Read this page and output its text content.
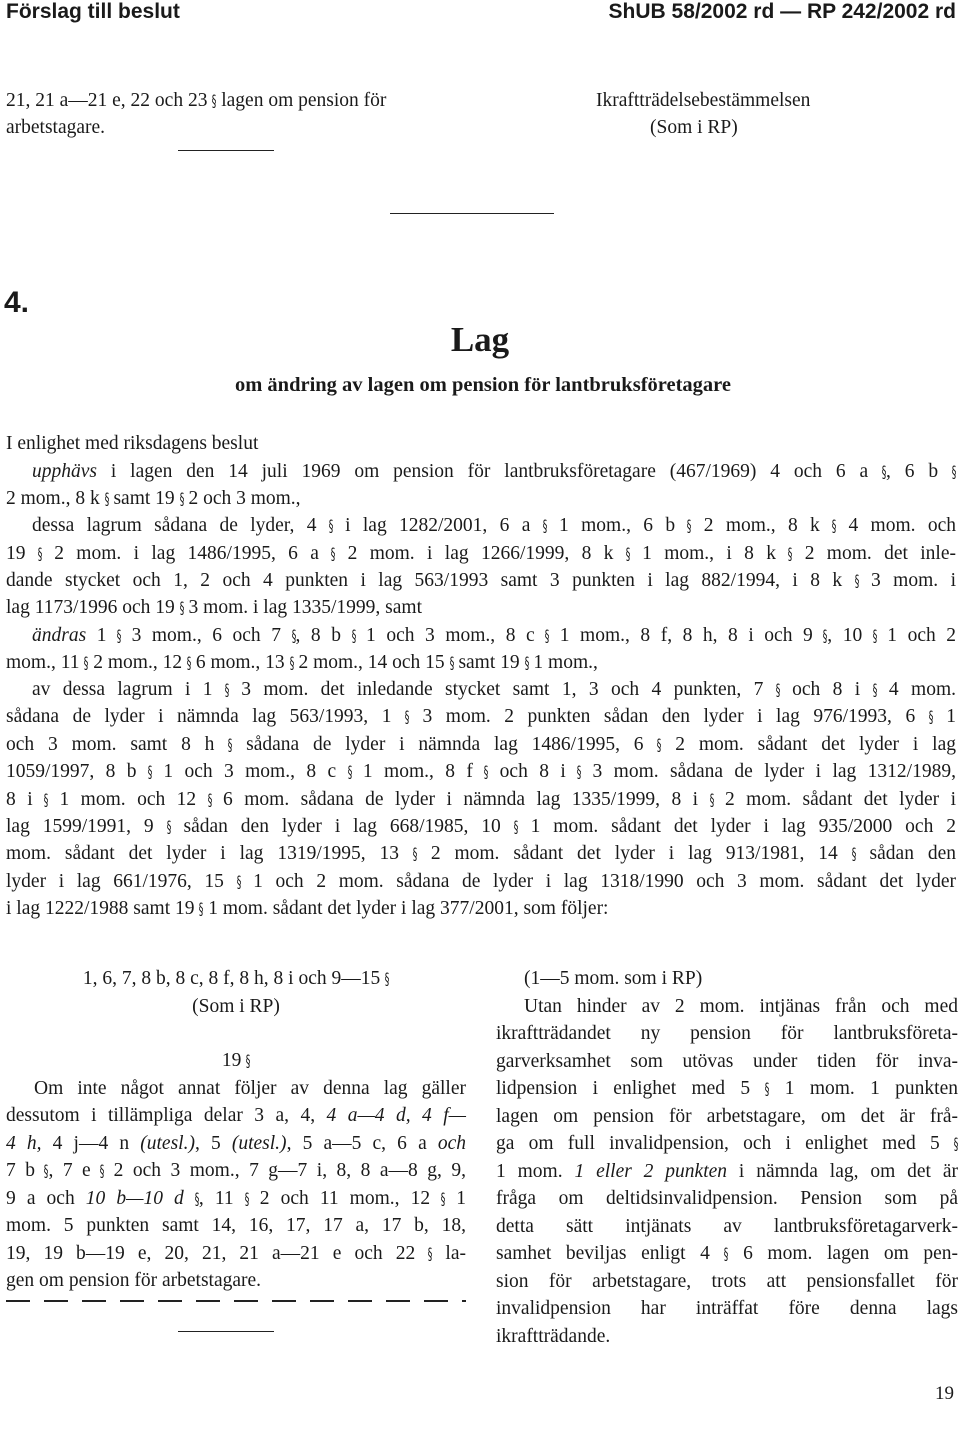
Förslag till beslut	ShUB 58/2002 rd — RP 242/2002 rd
21, 21 a—21 e, 22 och 23 § lagen om pension för
arbetstagare.
Ikraftträdelsebestämmelsen
(Som i RP)
4.
Lag
om ändring av lagen om pension för lantbruksföretagare
I enlighet med riksdagens beslut
upphävs i lagen den 14 juli 1969 om pension för lantbruksföretagare (467/1969) 4 och 6 a §, 6 b §
2 mom., 8 k § samt 19 § 2 och 3 mom.,
dessa lagrum sådana de lyder, 4 § i lag 1282/2001, 6 a § 1 mom., 6 b § 2 mom., 8 k § 4 mom. och
19 § 2 mom. i lag 1486/1995, 6 a § 2 mom. i lag 1266/1999, 8 k § 1 mom., i 8 k § 2 mom. det inle-
dande stycket och 1, 2 och 4 punkten i lag 563/1993 samt 3 punkten i lag 882/1994, i 8 k § 3 mom. i
lag 1173/1996 och 19 § 3 mom. i lag 1335/1999, samt
ändras 1 § 3 mom., 6 och 7 §, 8 b § 1 och 3 mom., 8 c § 1 mom., 8 f, 8 h, 8 i och 9 §, 10 § 1 och 2
mom., 11 § 2 mom., 12 § 6 mom., 13 § 2 mom., 14 och 15 § samt 19 § 1 mom.,
av dessa lagrum i 1 § 3 mom. det inledande stycket samt 1, 3 och 4 punkten, 7 § och 8 i § 4 mom.
sådana de lyder i nämnda lag 563/1993, 1 § 3 mom. 2 punkten sådan den lyder i lag 976/1993, 6 § 1
och 3 mom. samt 8 h § sådana de lyder i nämnda lag 1486/1995, 6 § 2 mom. sådant det lyder i lag
1059/1997, 8 b § 1 och 3 mom., 8 c § 1 mom., 8 f § och 8 i § 3 mom. sådana de lyder i lag 1312/1989,
8 i § 1 mom. och 12 § 6 mom. sådana de lyder i nämnda lag 1335/1999, 8 i § 2 mom. sådant det lyder i
lag 1599/1991, 9 § sådan den lyder i lag 668/1985, 10 § 1 mom. sådant det lyder i lag 935/2000 och 2
mom. sådant det lyder i lag 1319/1995, 13 § 2 mom. sådant det lyder i lag 913/1981, 14 § sådan den
lyder i lag 661/1976, 15 § 1 och 2 mom. sådana de lyder i lag 1318/1990 och 3 mom. sådant det lyder
i lag 1222/1988 samt 19 § 1 mom. sådant det lyder i lag 377/2001, som följer:
1, 6, 7, 8 b, 8 c, 8 f, 8 h, 8 i och 9—15 §
(Som i RP)
19 §
Om inte något annat följer av denna lag gäller
dessutom i tillämpliga delar 3 a, 4, 4 a—4 d, 4 f—
4 h, 4 j—4 n (utesl.), 5 (utesl.), 5 a—5 c, 6 a och
7 b §, 7 e § 2 och 3 mom., 7 g—7 i, 8, 8 a—8 g, 9,
9 a och 10 b—10 d §, 11 § 2 och 11 mom., 12 § 1
mom. 5 punkten samt 14, 16, 17, 17 a, 17 b, 18,
19, 19 b—19 e, 20, 21, 21 a—21 e och 22 § la-
gen om pension för arbetstagare.
(1—5 mom. som i RP)
Utan hinder av 2 mom. intjänas från och med
ikraftträdandet ny pension för lantbruksföreta-
garverksamhet som utövas under tiden för inva-
lidpension i enlighet med 5 § 1 mom. 1 punkten
lagen om pension för arbetstagare, om det är frå-
ga om full invalidpension, och i enlighet med 5 §
1 mom. 1 eller 2 punkten i nämnda lag, om det är
fråga om deltidsinvalidpension. Pension som på
detta sätt intjänats av lantbruksföretagarverk-
samhet beviljas enligt 4 § 6 mom. lagen om pen-
sion för arbetstagare, trots att pensionsfallet för
invalidpension har inträffat före denna lags
ikraftträdande.
19
